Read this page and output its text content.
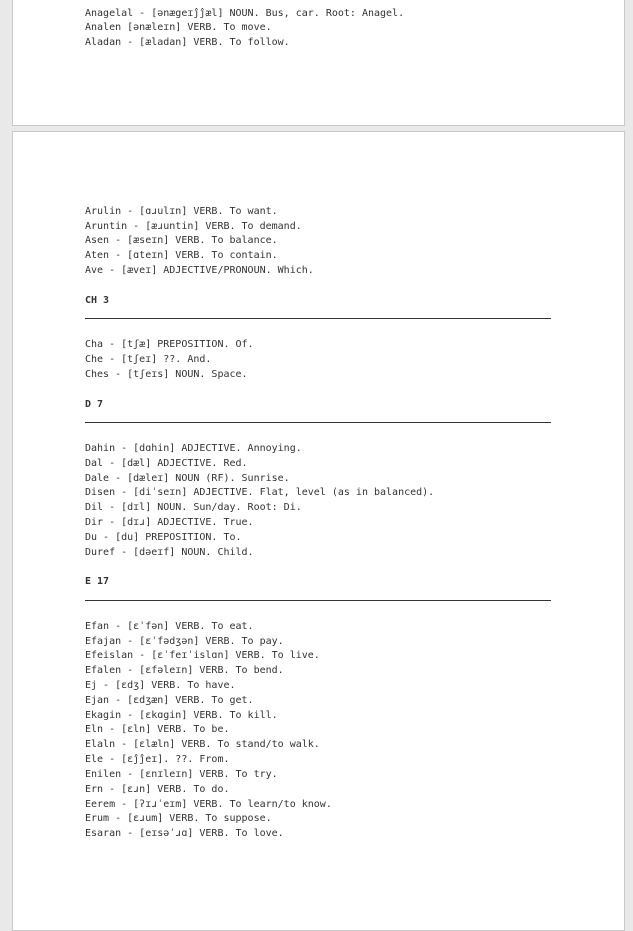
Anagelal - [ənægeɪĵĵæl] NOUN. Bus, car. Root: Anagel.
Analen [ənæleɪn] VERB. To move.
Aladan - [æladan] VERB. To follow.
Arulin - [ɑɹulɪn] VERB. To want.
Aruntin - [æɹuntin] VERB. To demand.
Asen - [æseɪn] VERB. To balance.
Aten - [ɑteɪn] VERB. To contain.
Ave - [æveɪ] ADJECTIVE/PRONOUN. Which.
CH 3
Cha - [tʃæ] PREPOSITION. Of.
Che - [tʃeɪ] ??. And.
Ches - [tʃeɪs] NOUN. Space.
D 7
Dahin - [dɑhin] ADJECTIVE. Annoying.
Dal - [dæl] ADJECTIVE. Red.
Dale - [dæleɪ] NOUN (RF). Sunrise.
Disen - [diˈseɪn] ADJECTIVE. Flat, level (as in balanced).
Dil - [dɪl] NOUN. Sun/day. Root: Di.
Dir - [dɪɹ] ADJECTIVE. True.
Du - [du] PREPOSITION. To.
Duref - [dəeɪf] NOUN. Child.
E 17
Efan - [ɛˈfən] VERB. To eat.
Efajan - [ɛˈfədʒən] VERB. To pay.
Efeislan - [ɛˈfeɪˈislɑn] VERB. To live.
Efalen - [ɛfəleɪn] VERB. To bend.
Ej - [ɛdʒ] VERB. To have.
Ejan - [ɛdʒæn] VERB. To get.
Ekagin - [ɛkɑgin] VERB. To kill.
Eln - [ɛln] VERB. To be.
Elaln - [ɛlæln] VERB. To stand/to walk.
Ele - [ɛĵĵeɪ]. ??. From.
Enilen - [ɛnɪleɪn] VERB. To try.
Ern - [ɛɹn] VERB. To do.
Eerem - [ʔɪɹˈeɪm] VERB. To learn/to know.
Erum - [ɛɹum] VERB. To suppose.
Esaran - [eɪsəˈɹɑ] VERB. To love.
